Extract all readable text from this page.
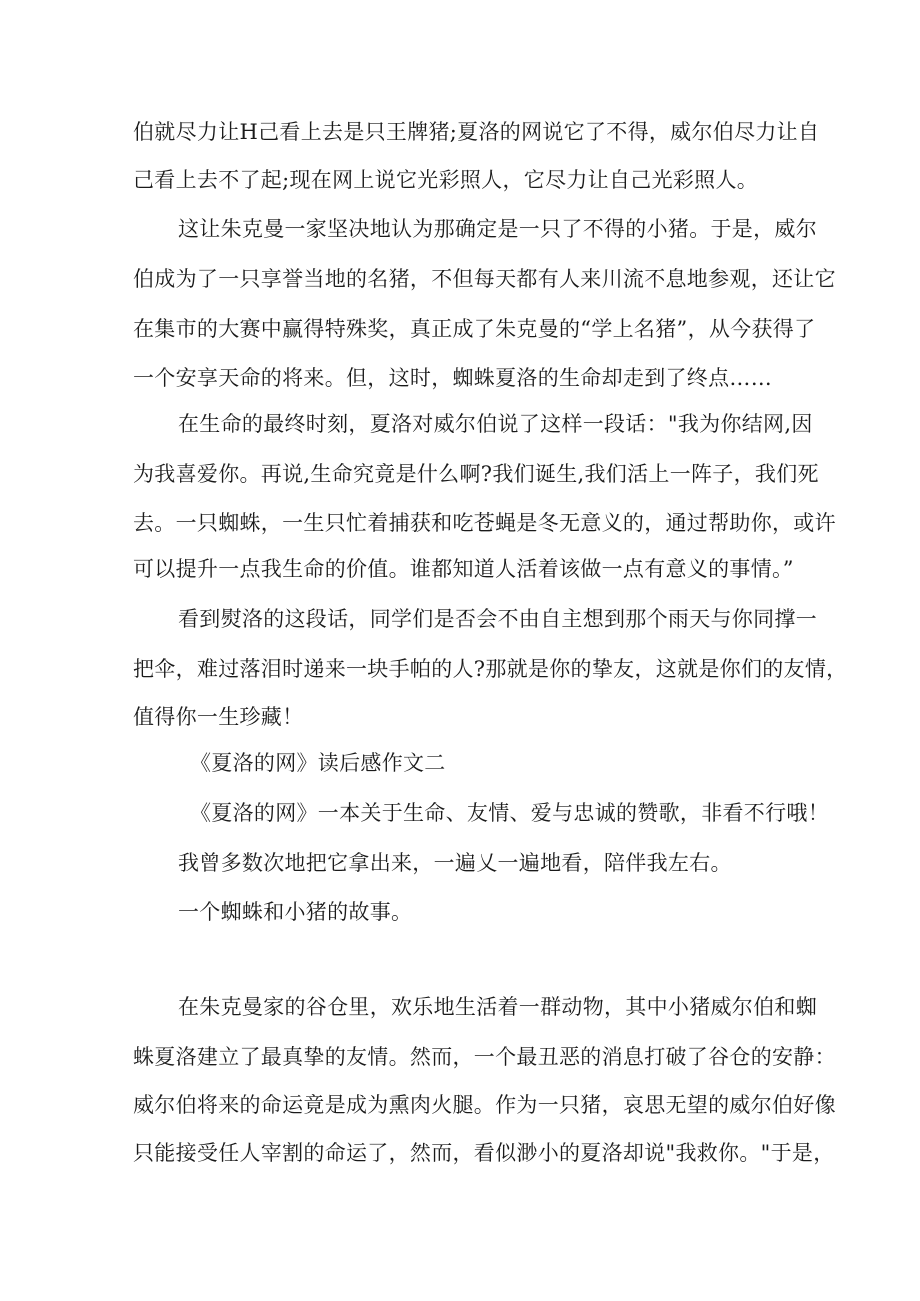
伯就尽力让H己看上去是只王牌猪;夏洛的网说它了不得，威尔伯尽力让自
己看上去不了起;现在网上说它光彩照人，它尽力让自己光彩照人。
这让朱克曼一家坚决地认为那确定是一只了不得的小猪。于是，威尔
伯成为了一只享誉当地的名猪，不但每天都有人来川流不息地参观，还让它
在集市的大赛中赢得特殊奖，真正成了朱克曼的“学上名猪”，从今获得了
一个安享天命的将来。但，这时，蜘蛛夏洛的生命却走到了终点……
在生命的最终时刻，夏洛对威尔伯说了这样一段话："我为你结网,因
为我喜爱你。再说,生命究竟是什么啊?我们诞生,我们活上一阵子，我们死
去。一只蜘蛛，一生只忙着捕获和吃苍蝇是冬无意义的，通过帮助你，或许
可以提升一点我生命的价值。谁都知道人活着该做一点有意义的事情。”
看到熨洛的这段话，同学们是否会不由自主想到那个雨天与你同撑一
把伞，难过落泪时递来一块手帕的人?那就是你的挚友，这就是你们的友情，
值得你一生珍藏！
《夏洛的网》读后感作文二
《夏洛的网》一本关于生命、友情、爱与忠诚的赞歌，非看不行哦！
我曾多数次地把它拿出来，一遍乂一遍地看，陪伴我左右。
一个蜘蛛和小猪的故事。
在朱克曼家的谷仓里，欢乐地生活着一群动物，其中小猪威尔伯和蜘
蛛夏洛建立了最真挚的友情。然而，一个最丑恶的消息打破了谷仓的安静：
威尔伯将来的命运竟是成为熏肉火腿。作为一只猪，哀思无望的威尔伯好像
只能接受任人宰割的命运了，然而，看似渺小的夏洛却说"我救你。"于是，
